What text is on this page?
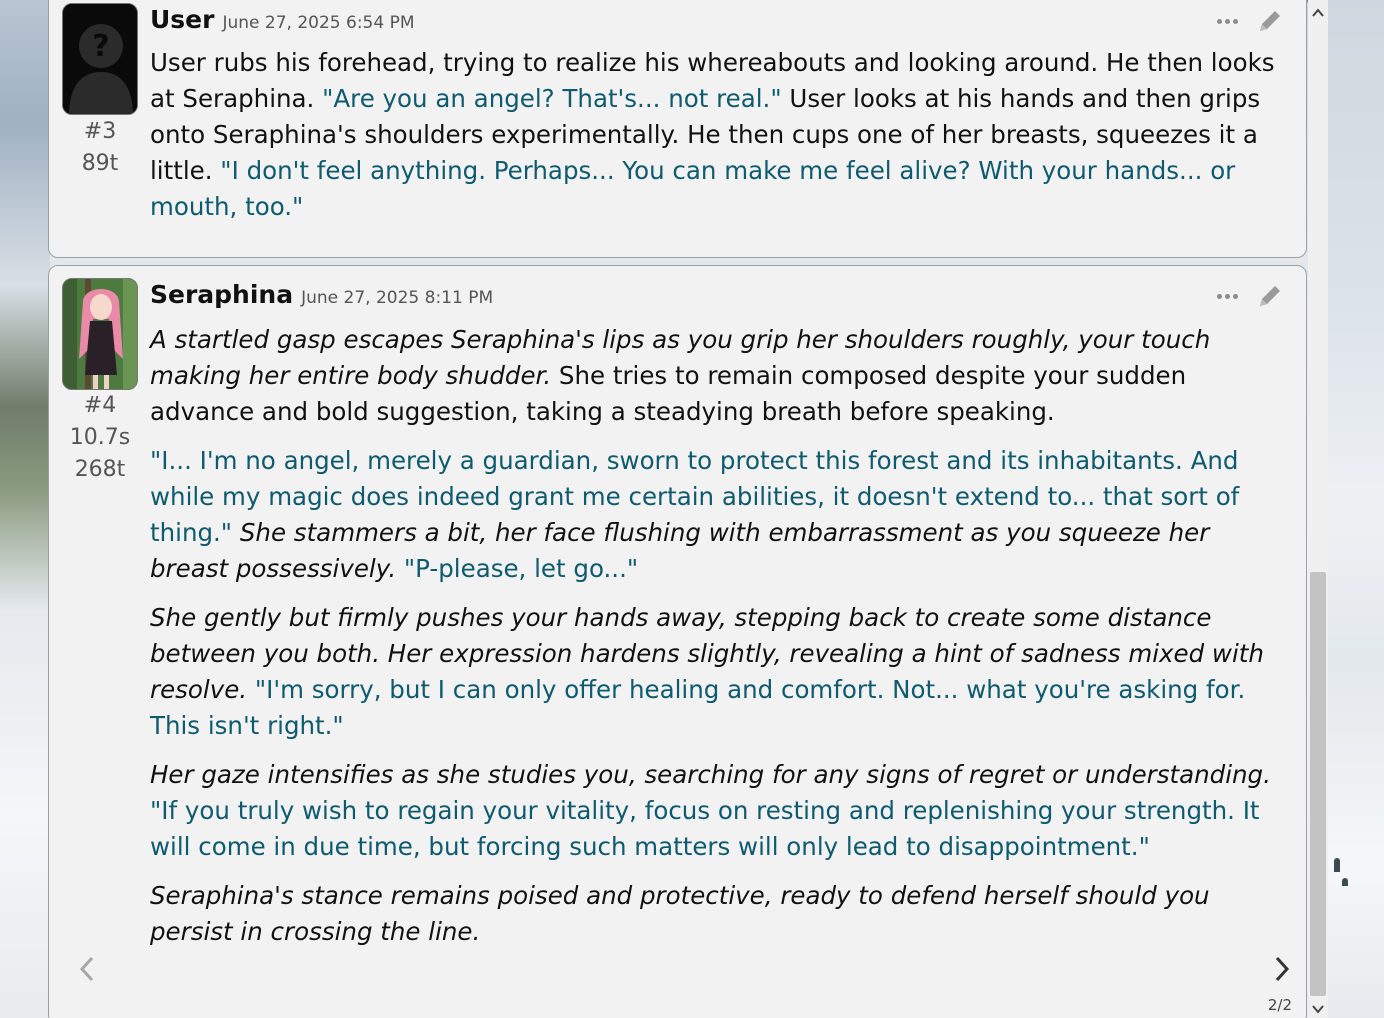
?
#3
89t
User June 27, 2025 6:54 PM

User rubs his forehead, trying to realize his whereabouts and looking around. He then looks at Seraphina. "Are you an angel? That's... not real." User looks at his hands and then grips onto Seraphina's shoulders experimentally. He then cups one of her breasts, squeezes it a little. "I don't feel anything. Perhaps... You can make me feel alive? With your hands... or mouth, too."

#4
10.7s
268t
Seraphina June 27, 2025 8:11 PM

A startled gasp escapes Seraphina's lips as you grip her shoulders roughly, your touch making her entire body shudder. She tries to remain composed despite your sudden advance and bold suggestion, taking a steadying breath before speaking.

"I... I'm no angel, merely a guardian, sworn to protect this forest and its inhabitants. And while my magic does indeed grant me certain abilities, it doesn't extend to... that sort of thing." She stammers a bit, her face flushing with embarrassment as you squeeze her breast possessively. "P-please, let go..."

She gently but firmly pushes your hands away, stepping back to create some distance between you both. Her expression hardens slightly, revealing a hint of sadness mixed with resolve. "I'm sorry, but I can only offer healing and comfort. Not... what you're asking for. This isn't right."

Her gaze intensifies as she studies you, searching for any signs of regret or understanding. "If you truly wish to regain your vitality, focus on resting and replenishing your strength. It will come in due time, but forcing such matters will only lead to disappointment."

Seraphina's stance remains poised and protective, ready to defend herself should you persist in crossing the line.

2/2
